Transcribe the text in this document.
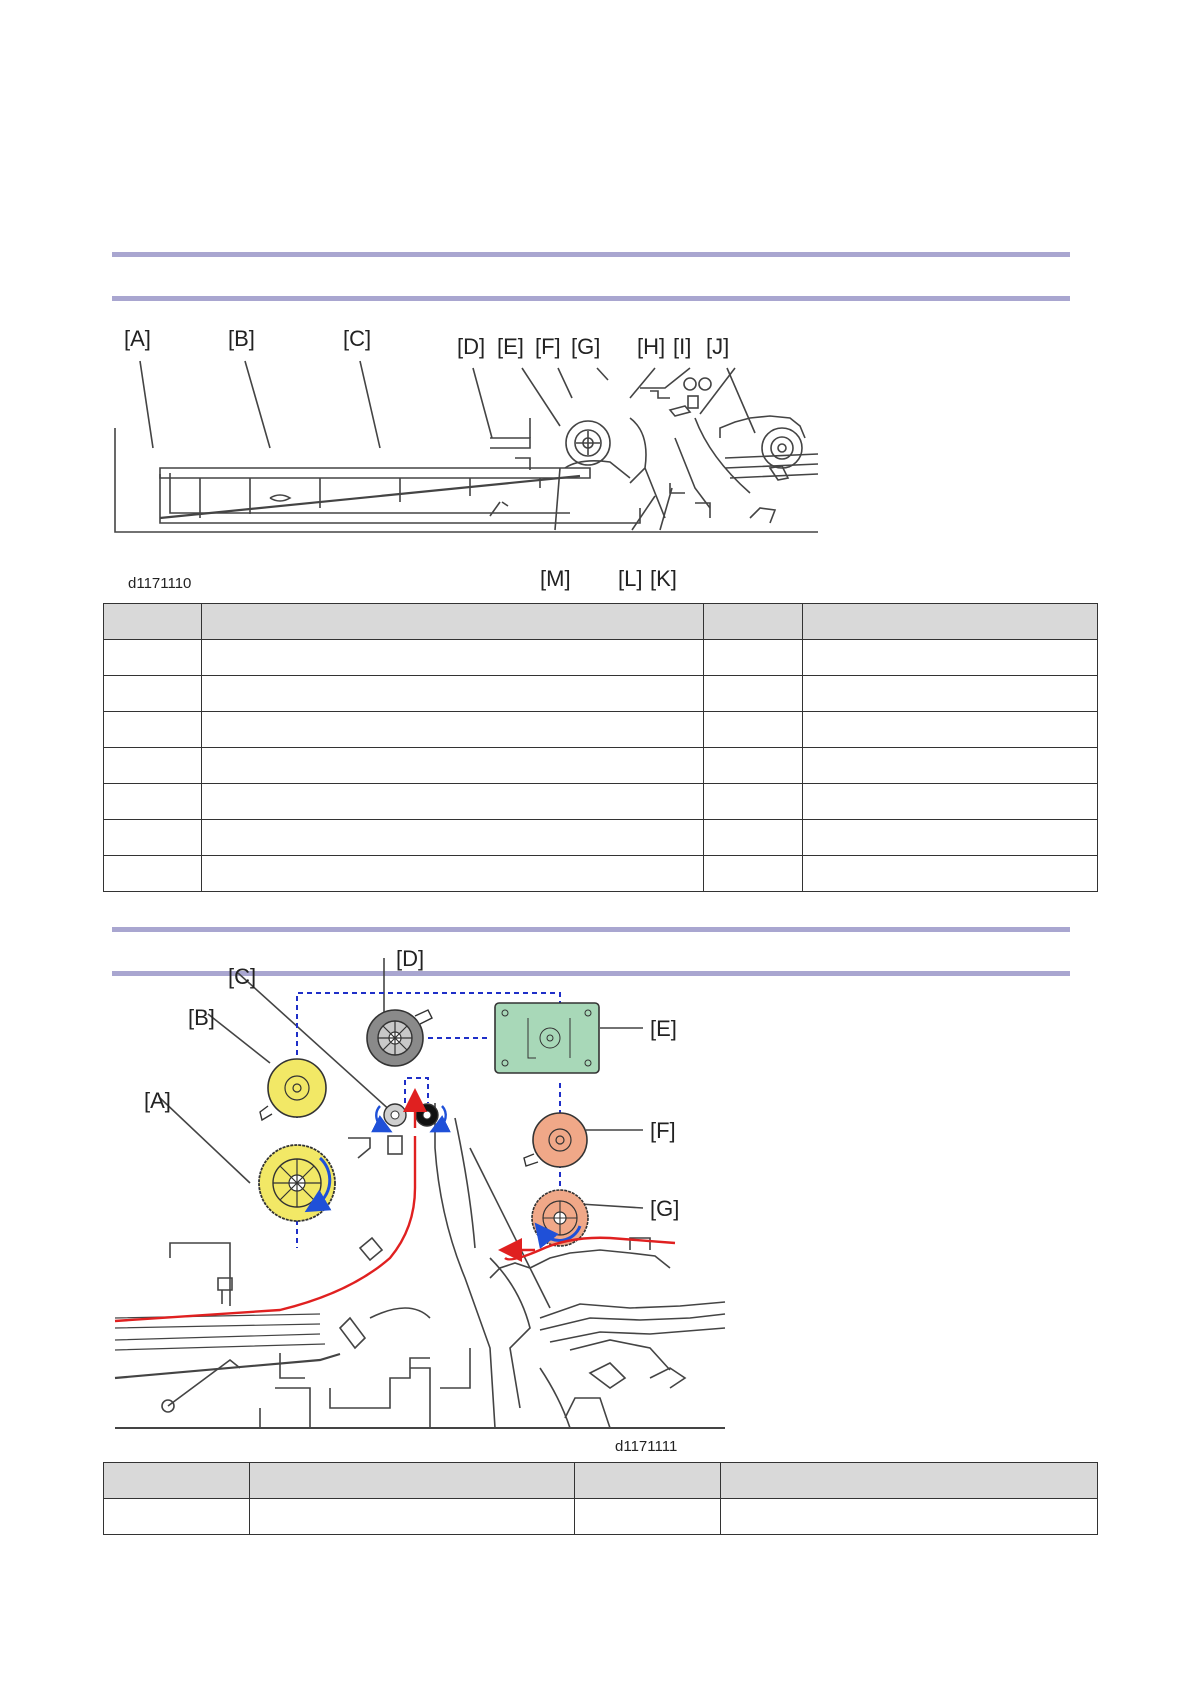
[A]	[B]	[C]	[D] [E] [F] [G] [H] [I] [J]
[M] [L] [K]
d1171110

[A]
[B]
[C]
[D]
[E]
[F]
[G]
d1171111
